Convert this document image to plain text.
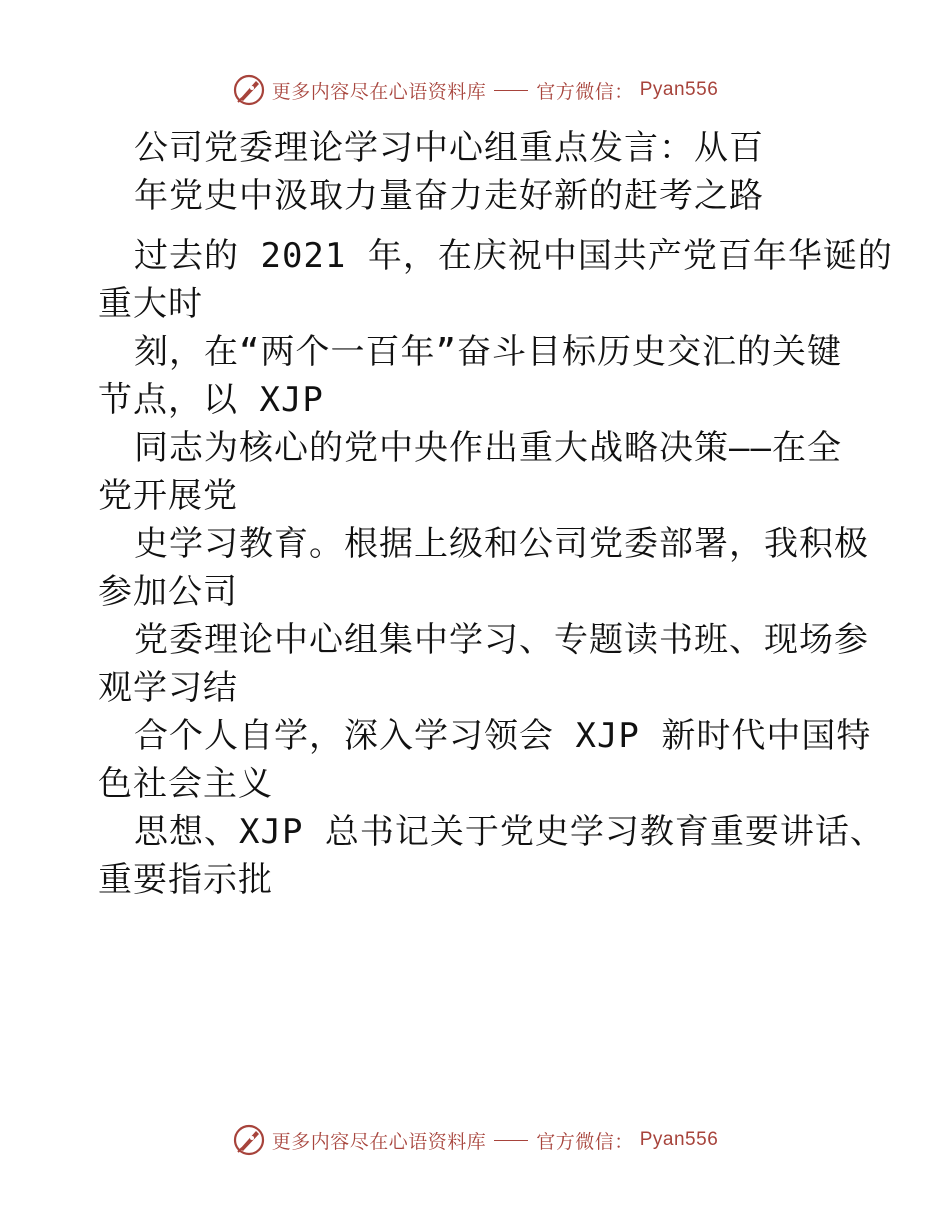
更多内容尽在心语资料库	官方微信： Pyan556
公司党委理论学习中心组重点发言：从百
年党史中汲取力量奋力走好新的赶考之路

过去的 2021 年，在庆祝中国共产党百年华诞的
重大时

刻，在“两个一百年”奋斗目标历史交汇的关键
节点，以 XJP

同志为核心的党中央作出重大战略决策——在全
党开展党

史学习教育。根据上级和公司党委部署，我积极
参加公司

党委理论中心组集中学习、专题读书班、现场参
观学习结

合个人自学，深入学习领会 XJP 新时代中国特
色社会主义

思想、XJP 总书记关于党史学习教育重要讲话、
重要指示批

更多内容尽在心语资料库	官方微信： Pyan556
